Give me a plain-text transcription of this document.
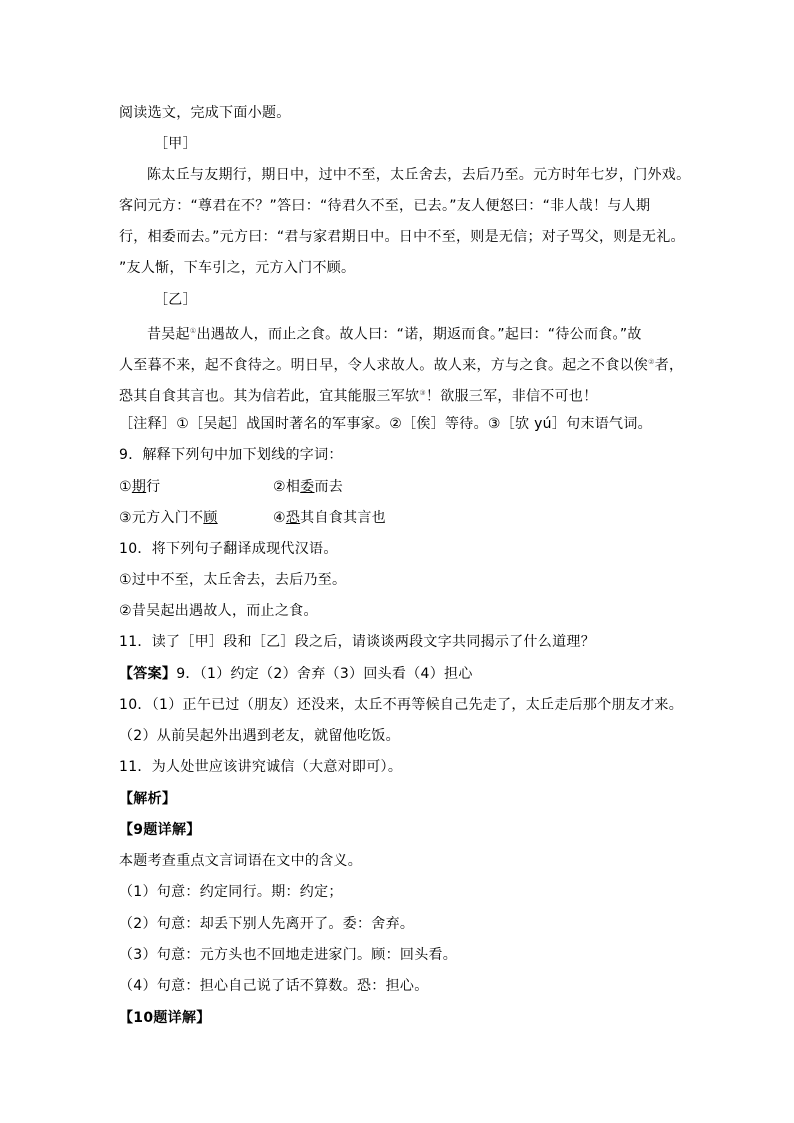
阅读选文，完成下面小题。
［甲］
陈太丘与友期行，期日中，过中不至，太丘舍去，去后乃至。元方时年七岁，门外戏。
客问元方：“尊君在不？”答曰：“待君久不至，已去。”友人便怒曰：“非人哉！与人期
行，相委而去。”元方曰：“君与家君期日中。日中不至，则是无信；对子骂父，则是无礼。
”友人惭，下车引之，元方入门不顾。
［乙］
昔吴起①出遇故人，而止之食。故人曰：“诺，期返而食。”起曰：“待公而食。”故
人至暮不来，起不食待之。明日早，令人求故人。故人来，方与之食。起之不食以俟②者，
恐其自食其言也。其为信若此，宜其能服三军欤③！欲服三军，非信不可也！
［注释］①［吴起］战国时著名的军事家。②［俟］等待。③［欤 yú］句末语气词。
9．解释下列句中加下划线的字词：
①期行	②相委而去
③元方入门不顾	④恐其自食其言也
10．将下列句子翻译成现代汉语。
①过中不至，太丘舍去，去后乃至。
②昔吴起出遇故人，而止之食。
11．读了［甲］段和［乙］段之后，请谈谈两段文字共同揭示了什么道理？
【答案】9．（1）约定（2）舍弃（3）回头看（4）担心
10．（1）正午已过（朋友）还没来，太丘不再等候自己先走了，太丘走后那个朋友才来。
（2）从前吴起外出遇到老友，就留他吃饭。
11．为人处世应该讲究诚信（大意对即可）。
【解析】
【9题详解】
本题考查重点文言词语在文中的含义。
（1）句意：约定同行。期：约定；
（2）句意：却丢下别人先离开了。委：舍弃。
（3）句意：元方头也不回地走进家门。顾：回头看。
（4）句意：担心自己说了话不算数。恐：担心。
【10题详解】
